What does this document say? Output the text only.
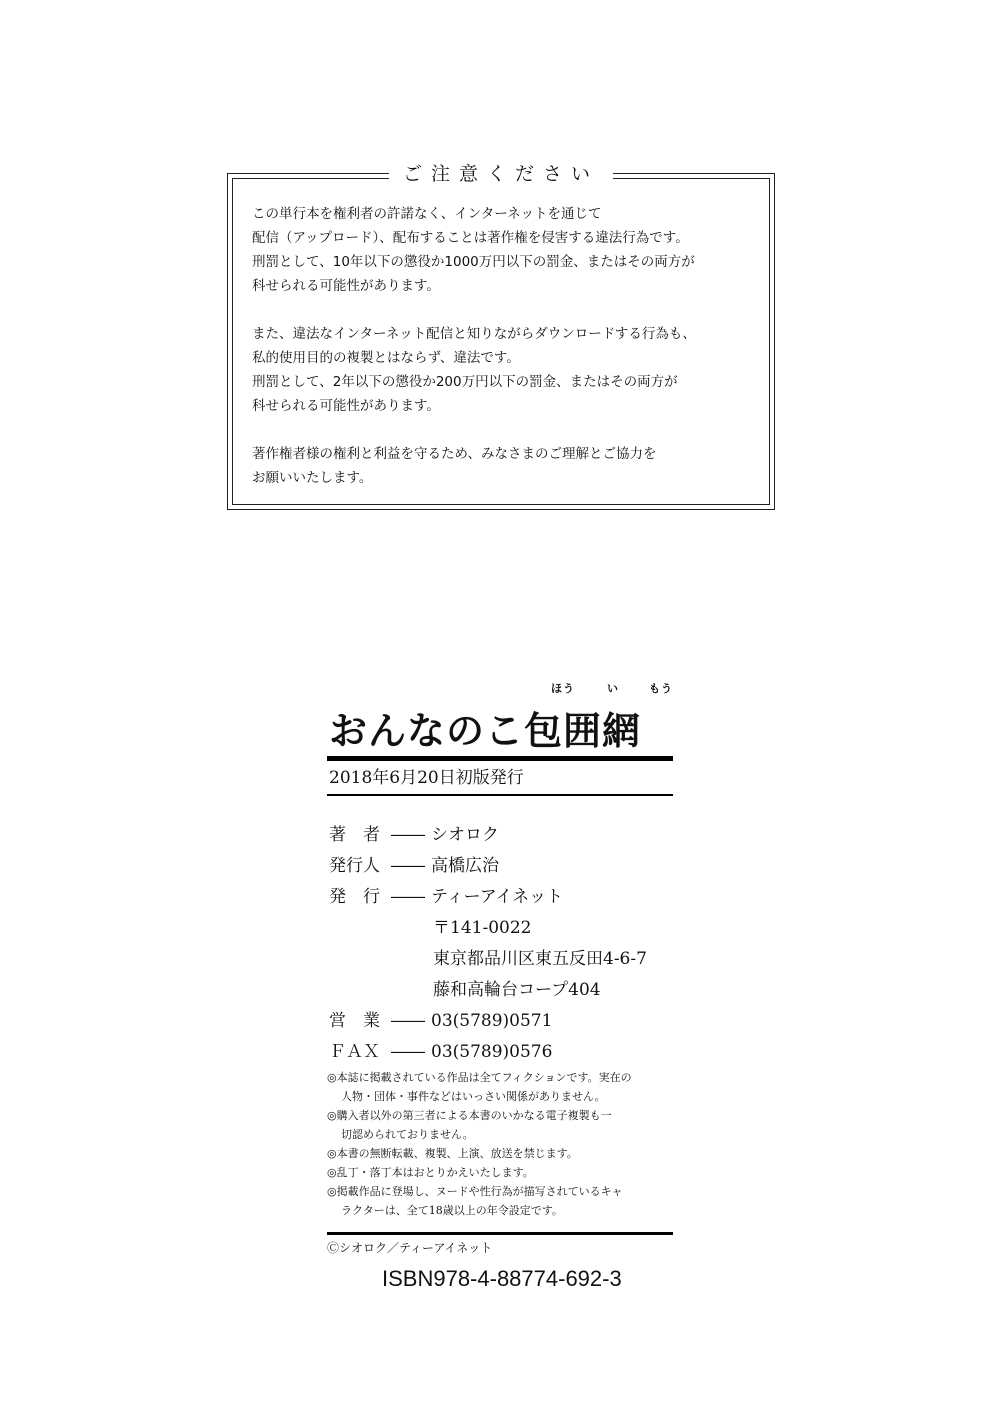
ご注意ください
この単行本を権利者の許諾なく、インターネットを通じて
配信（アップロード）、配布することは著作権を侵害する違法行為です。
刑罰として、10年以下の懲役か1000万円以下の罰金、またはその両方が
科せられる可能性があります。
また、違法なインターネット配信と知りながらダウンロードする行為も、
私的使用目的の複製とはならず、違法です。
刑罰として、2年以下の懲役か200万円以下の罰金、またはその両方が
科せられる可能性があります。
著作権者様の権利と利益を守るため、みなさまのご理解とご協力を
お願いいたします。
ほう	い	もう
おんなのこ包囲網
2018年6月20日初版発行
著　者 ―― シオロク
発行人 ―― 高橋広治
発　行 ―― ティーアイネット
〒141-0022
東京都品川区東五反田4-6-7
藤和高輪台コープ404
営　業 ―― 03(5789)0571
ＦＡＸ ―― 03(5789)0576
◎本誌に掲載されている作品は全てフィクションです。実在の
人物・団体・事件などはいっさい関係がありません。
◎購入者以外の第三者による本書のいかなる電子複製も一
切認められておりません。
◎本書の無断転載、複製、上演、放送を禁じます。
◎乱丁・落丁本はおとりかえいたします。
◎掲載作品に登場し、ヌードや性行為が描写されているキャ
ラクターは、全て18歳以上の年令設定です。
Ⓒシオロク／ティーアイネット
ISBN978-4-88774-692-3
